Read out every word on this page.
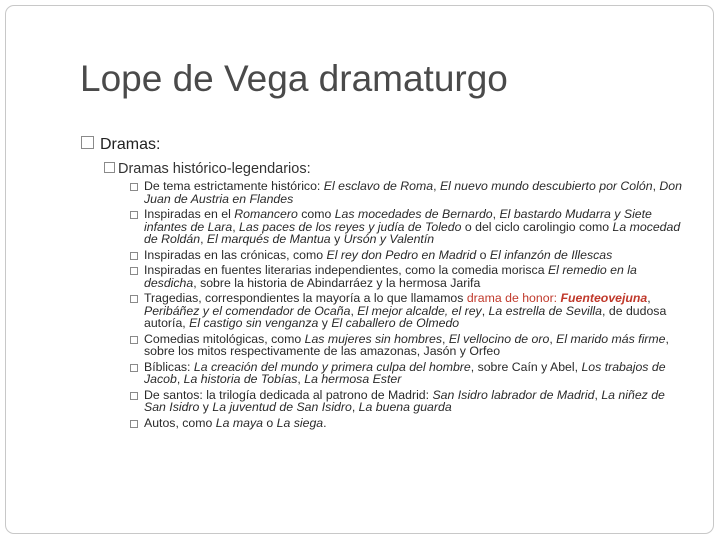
Lope de Vega dramaturgo
Dramas:
Dramas histórico-legendarios:
De tema estrictamente histórico: El esclavo de Roma, El nuevo mundo descubierto por Colón, Don Juan de Austria en Flandes
Inspiradas en el Romancero como Las mocedades de Bernardo, El bastardo Mudarra y Siete infantes de Lara, Las paces de los reyes y judía de Toledo o del ciclo carolingio como La mocedad de Roldán, El marqués de Mantua y Ursón y Valentín
Inspiradas en las crónicas, como El rey don Pedro en Madrid o El infanzón de Illescas
Inspiradas en fuentes literarias independientes, como la comedia morisca El remedio en la desdicha, sobre la historia de Abindarráez y la hermosa Jarifa
Tragedias, correspondientes la mayoría a lo que llamamos drama de honor: Fuenteovejuna, Peribáñez y el comendador de Ocaña, El mejor alcalde, el rey, La estrella de Sevilla, de dudosa autoría, El castigo sin venganza y El caballero de Olmedo
Comedias mitológicas, como Las mujeres sin hombres, El vellocino de oro, El marido más firme, sobre los mitos respectivamente de las amazonas, Jasón y Orfeo
Bíblicas: La creación del mundo y primera culpa del hombre, sobre Caín y Abel, Los trabajos de Jacob, La historia de Tobías, La hermosa Ester
De santos: la trilogía dedicada al patrono de Madrid: San Isidro labrador de Madrid, La niñez de San Isidro y La juventud de San Isidro, La buena guarda
Autos, como La maya o La siega.
